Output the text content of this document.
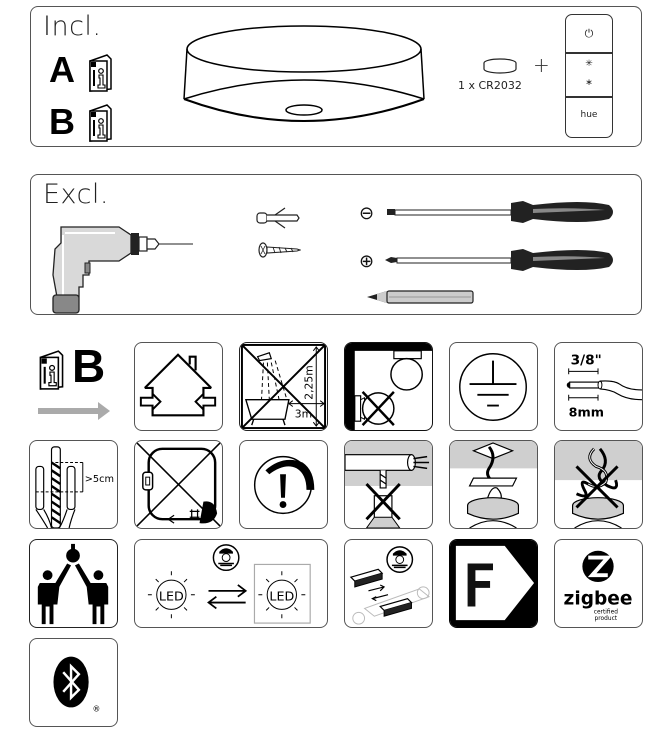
Incl.
A
B
1 x CR2032
+
⏻
✳
∗
hue
Excl.
⊖
⊕
B
3m
2,25m
3/8"
8mm
>5cm
LED	LED	zigbee
certified
product
®
